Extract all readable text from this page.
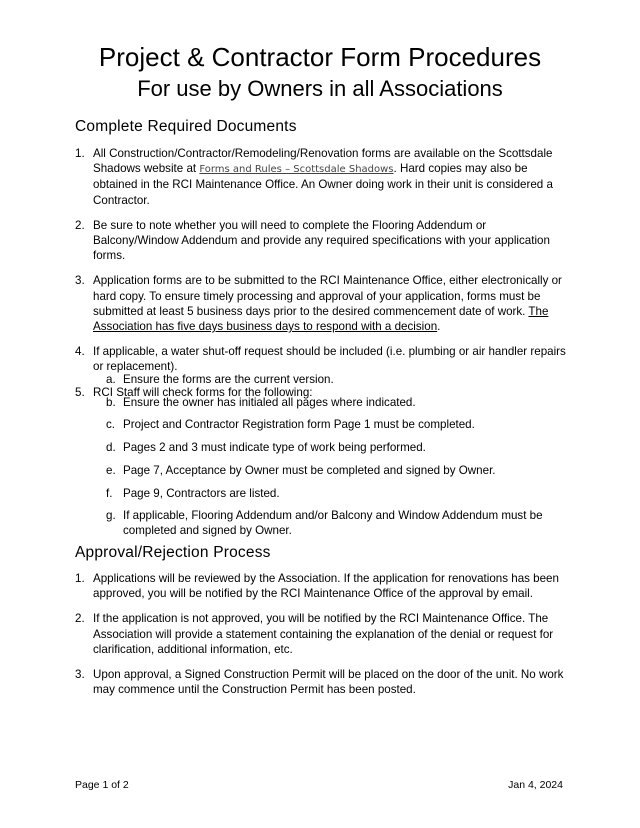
Project & Contractor Form Procedures
For use by Owners in all Associations
Complete Required Documents
1. All Construction/Contractor/Remodeling/Renovation forms are available on the Scottsdale Shadows website at Forms and Rules – Scottsdale Shadows. Hard copies may also be obtained in the RCI Maintenance Office. An Owner doing work in their unit is considered a Contractor.
2. Be sure to note whether you will need to complete the Flooring Addendum or Balcony/Window Addendum and provide any required specifications with your application forms.
3. Application forms are to be submitted to the RCI Maintenance Office, either electronically or hard copy. To ensure timely processing and approval of your application, forms must be submitted at least 5 business days prior to the desired commencement date of work. The Association has five days business days to respond with a decision.
4. If applicable, a water shut-off request should be included (i.e. plumbing or air handler repairs or replacement).
5. RCI Staff will check forms for the following:
a. Ensure the forms are the current version.
b. Ensure the owner has initialed all pages where indicated.
c. Project and Contractor Registration form Page 1 must be completed.
d. Pages 2 and 3 must indicate type of work being performed.
e. Page 7, Acceptance by Owner must be completed and signed by Owner.
f. Page 9, Contractors are listed.
g. If applicable, Flooring Addendum and/or Balcony and Window Addendum must be completed and signed by Owner.
Approval/Rejection Process
1. Applications will be reviewed by the Association. If the application for renovations has been approved, you will be notified by the RCI Maintenance Office of the approval by email.
2. If the application is not approved, you will be notified by the RCI Maintenance Office. The Association will provide a statement containing the explanation of the denial or request for clarification, additional information, etc.
3. Upon approval, a Signed Construction Permit will be placed on the door of the unit. No work may commence until the Construction Permit has been posted.
Page 1 of 2	Jan 4, 2024
